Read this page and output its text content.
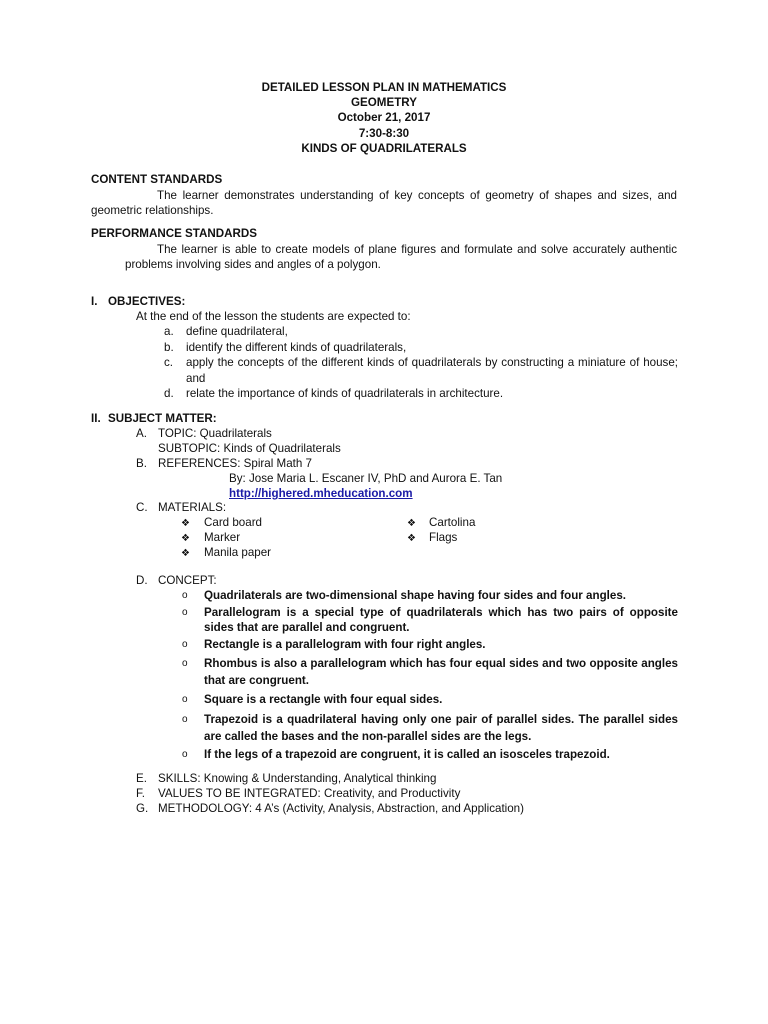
DETAILED LESSON PLAN IN MATHEMATICS
GEOMETRY
October 21, 2017
7:30-8:30
KINDS OF QUADRILATERALS
CONTENT STANDARDS
The learner demonstrates understanding of key concepts of geometry of shapes and sizes, and geometric relationships.
PERFORMANCE STANDARDS
The learner is able to create models of plane figures and formulate and solve accurately authentic problems involving sides and angles of a polygon.
I. OBJECTIVES:
At the end of the lesson the students are expected to:
a. define quadrilateral,
b. identify the different kinds of quadrilaterals,
c. apply the concepts of the different kinds of quadrilaterals by constructing a miniature of house; and
d. relate the importance of kinds of quadrilaterals in architecture.
II. SUBJECT MATTER:
A. TOPIC: Quadrilaterals
SUBTOPIC: Kinds of Quadrilaterals
B. REFERENCES: Spiral Math 7
By: Jose Maria L. Escaner IV, PhD and Aurora E. Tan
http://highered.mheducation.com
C. MATERIALS:
❖ Card board
❖ Marker
❖ Manila paper
❖ Cartolina
❖ Flags
D. CONCEPT:
o Quadrilaterals are two-dimensional shape having four sides and four angles.
o Parallelogram is a special type of quadrilaterals which has two pairs of opposite sides that are parallel and congruent.
o Rectangle is a parallelogram with four right angles.
o Rhombus is also a parallelogram which has four equal sides and two opposite angles that are congruent.
o Square is a rectangle with four equal sides.
o Trapezoid is a quadrilateral having only one pair of parallel sides. The parallel sides are called the bases and the non-parallel sides are the legs.
o If the legs of a trapezoid are congruent, it is called an isosceles trapezoid.
E. SKILLS: Knowing & Understanding, Analytical thinking
F. VALUES TO BE INTEGRATED: Creativity, and Productivity
G. METHODOLOGY: 4 A’s (Activity, Analysis, Abstraction, and Application)
